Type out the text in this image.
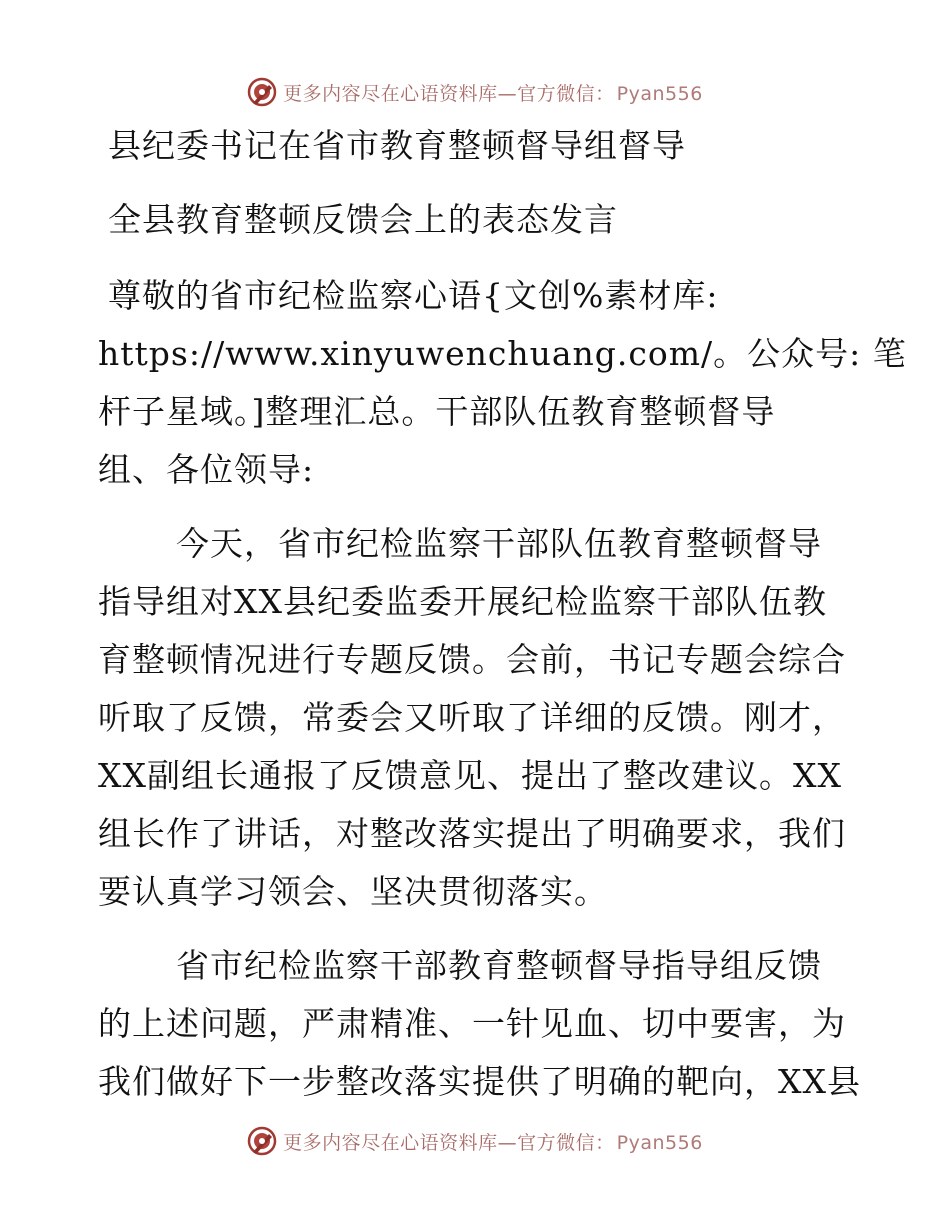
更多内容尽在心语资料库—官方微信： Pyan556
县纪委书记在省市教育整顿督导组督导
全县教育整顿反馈会上的表态发言
尊敬的省市纪检监察心语{文创%素材库:
https://www.xinyuwenchuang.com/。公众号: 笔
杆子星域。]整理汇总。干部队伍教育整顿督导
组、各位领导:
今天，省市纪检监察干部队伍教育整顿督导
指导组对XX县纪委监委开展纪检监察干部队伍教
育整顿情况进行专题反馈。会前，书记专题会综合
听取了反馈，常委会又听取了详细的反馈。刚才，
XX副组长通报了反馈意见、提出了整改建议。XX
组长作了讲话，对整改落实提出了明确要求，我们
要认真学习领会、坚决贯彻落实。
省市纪检监察干部教育整顿督导指导组反馈
的上述问题，严肃精准、一针见血、切中要害，为
我们做好下一步整改落实提供了明确的靶向，XX县
更多内容尽在心语资料库—官方微信： Pyan556
